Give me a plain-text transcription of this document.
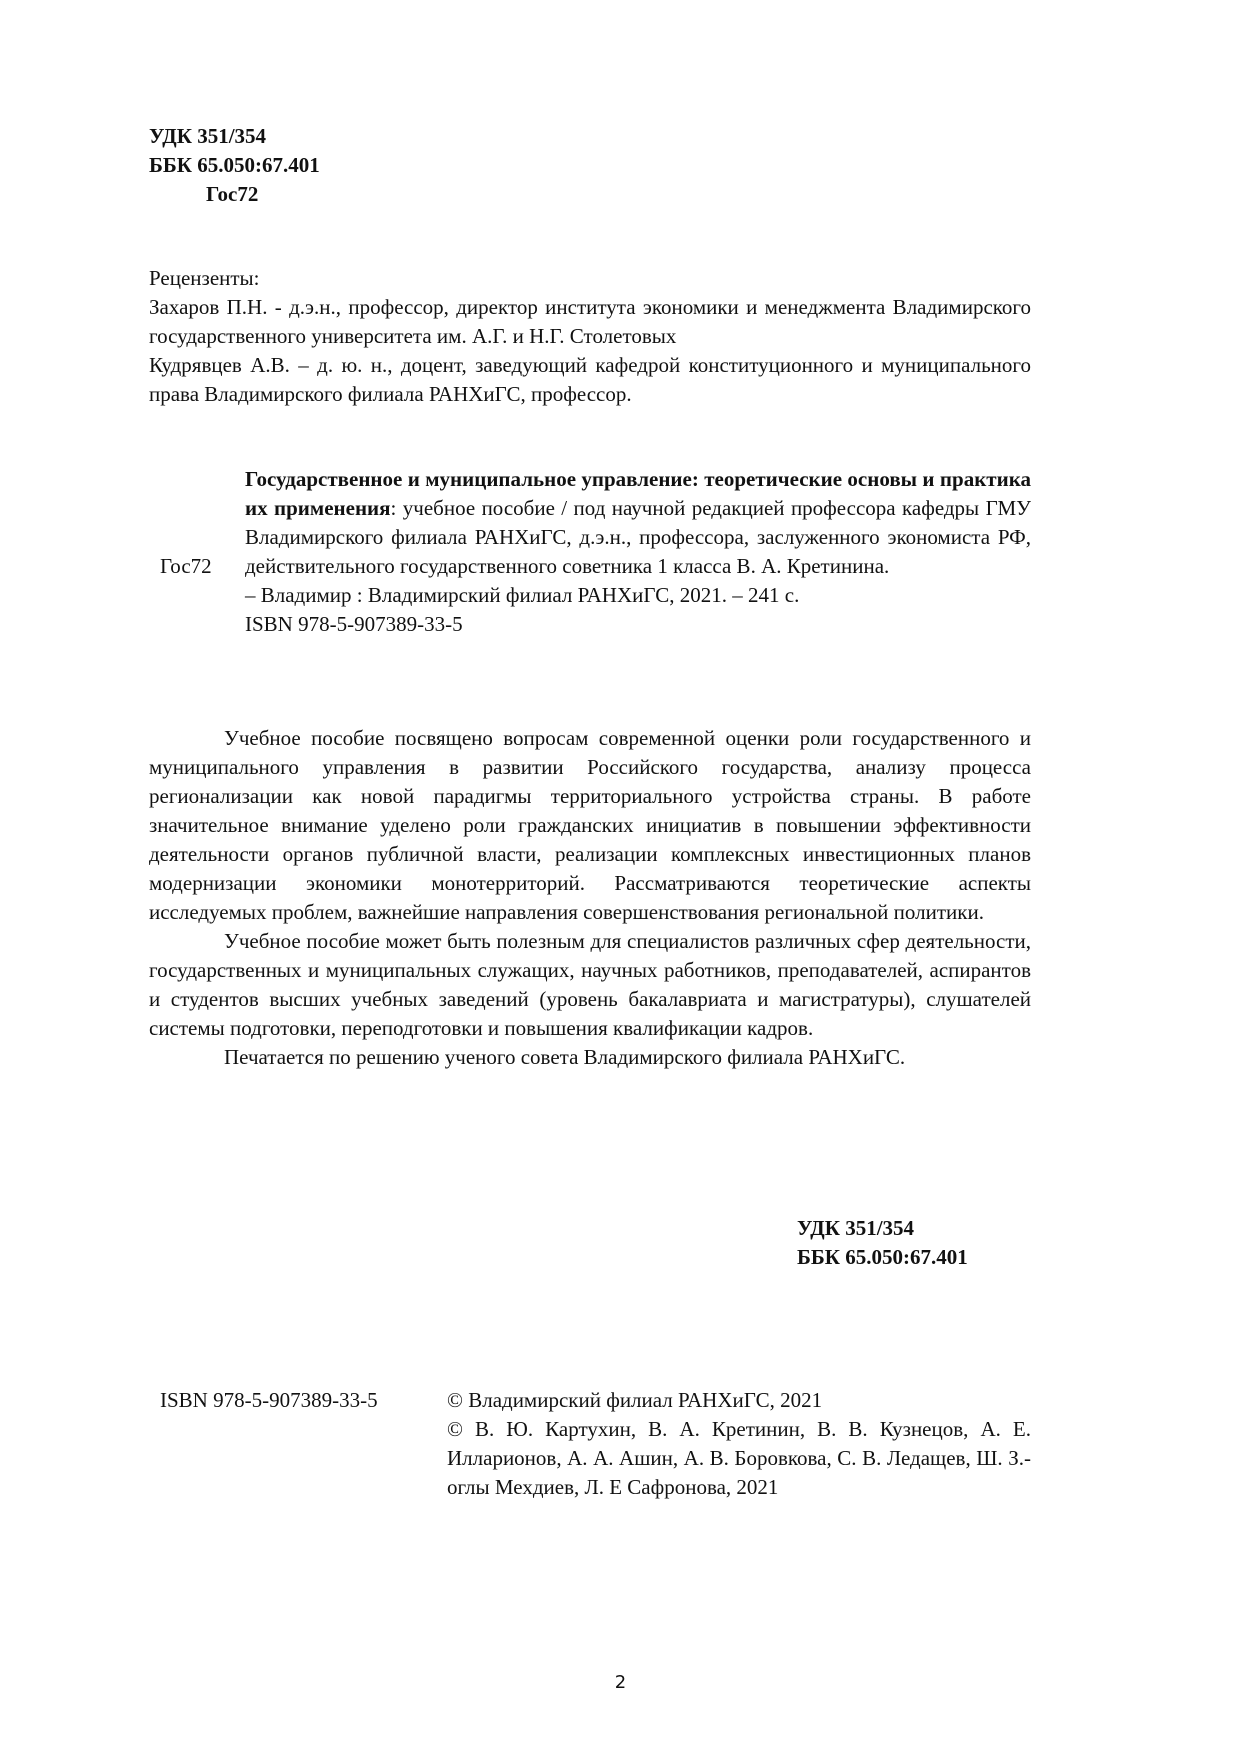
УДК 351/354
ББК 65.050:67.401
Гос72

Рецензенты:

Захаров П.Н. - д.э.н., профессор, директор института экономики и менеджмента Владимирского государственного университета им. А.Г. и Н.Г. Столетовых

Кудрявцев А.В. – д. ю. н., доцент, заведующий кафедрой конституционного и муниципального права Владимирского филиала РАНХиГС, профессор.

Гос72

Государственное и муниципальное управление: теоретические основы и практика их применения: учебное пособие / под научной редакцией профессора кафедры ГМУ Владимирского филиала РАНХиГС, д.э.н., профессора, заслуженного экономиста РФ, действительного государственного советника 1 класса В. А. Кретинина.

– Владимир : Владимирский филиал РАНХиГС, 2021. – 241 с.

ISBN 978-5-907389-33-5

Учебное пособие посвящено вопросам современной оценки роли государственного и муниципального управления в развитии Российского государства, анализу процесса регионализации как новой парадигмы территориального устройства страны. В работе значительное внимание уделено роли гражданских инициатив в повышении эффективности деятельности органов публичной власти, реализации комплексных инвестиционных планов модернизации экономики монотерриторий. Рассматриваются теоретические аспекты исследуемых проблем, важнейшие направления совершенствования региональной политики.

Учебное пособие может быть полезным для специалистов различных сфер деятельности, государственных и муниципальных служащих, научных работников, преподавателей, аспирантов и студентов высших учебных заведений (уровень бакалавриата и магистратуры), слушателей системы подготовки, переподготовки и повышения квалификации кадров.

Печатается по решению ученого совета Владимирского филиала РАНХиГС.

УДК 351/354
ББК 65.050:67.401
ISBN 978-5-907389-33-5	© Владимирский филиал РАНХиГС, 2021

© В. Ю. Картухин, В. А. Кретинин, В. В. Кузнецов, А. Е. Илларионов, А. А. Ашин, А. В. Боровкова, С. В. Ледащев, Ш. З.-оглы Мехдиев, Л. Е Сафронова, 2021

2
